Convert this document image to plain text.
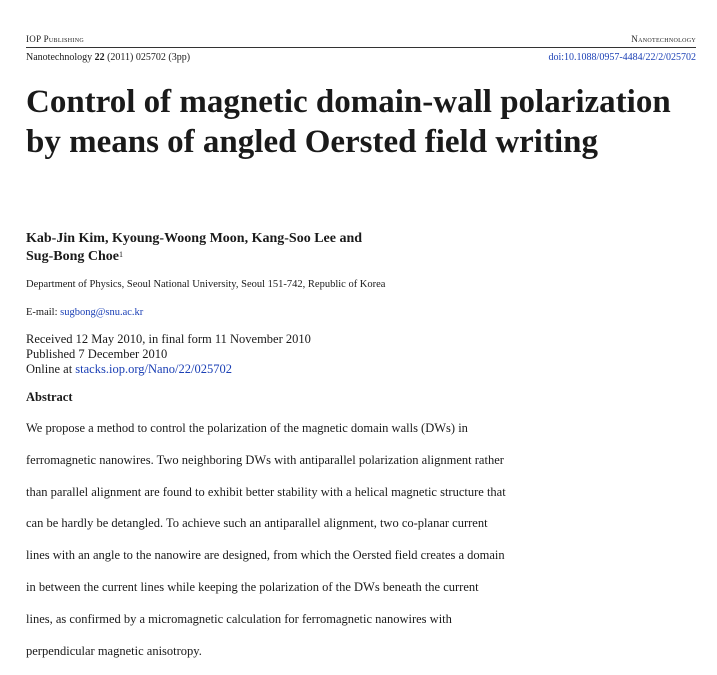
IOP Publishing	Nanotechnology
Nanotechnology 22 (2011) 025702 (3pp)	doi:10.1088/0957-4484/22/2/025702
Control of magnetic domain-wall polarization by means of angled Oersted field writing
Kab-Jin Kim, Kyoung-Woong Moon, Kang-Soo Lee and
Sug-Bong Choe$^1$
Department of Physics, Seoul National University, Seoul 151-742, Republic of Korea
E-mail: sugbong@snu.ac.kr
Received 12 May 2010, in final form 11 November 2010
Published 7 December 2010
Online at stacks.iop.org/Nano/22/025702
Abstract

We propose a method to control the polarization of the magnetic domain walls (DWs) in

ferromagnetic nanowires. Two neighboring DWs with antiparallel polarization alignment rather

than parallel alignment are found to exhibit better stability with a helical magnetic structure that

can be hardly be detangled. To achieve such an antiparallel alignment, two co-planar current

lines with an angle to the nanowire are designed, from which the Oersted field creates a domain

in between the current lines while keeping the polarization of the DWs beneath the current

lines, as confirmed by a micromagnetic calculation for ferromagnetic nanowires with

perpendicular magnetic anisotropy.
